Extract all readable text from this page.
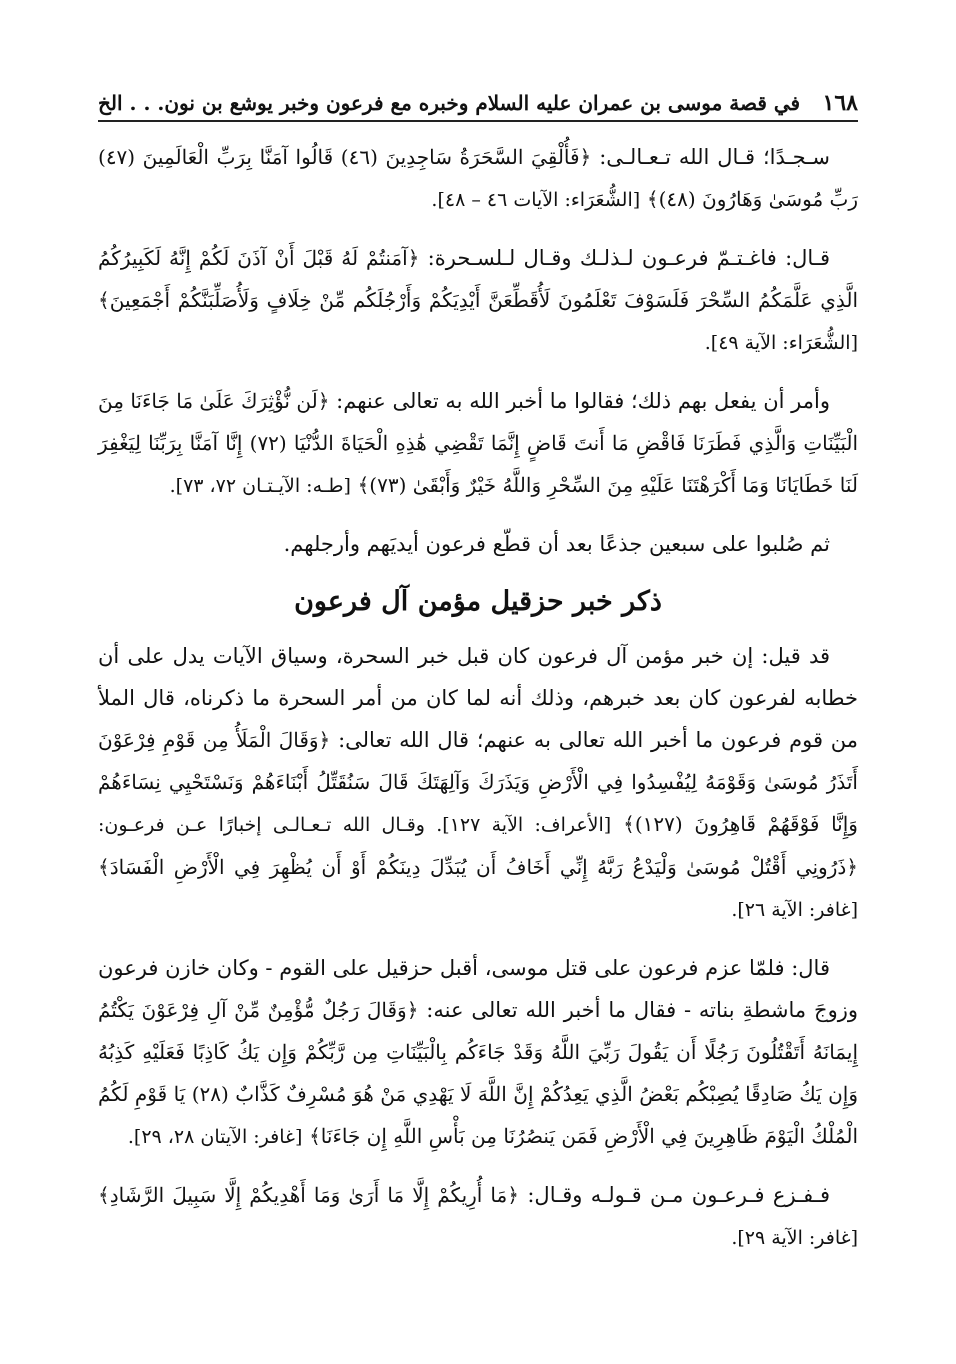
١٦٨
في قصة موسى بن عمران عليه السلام وخبره مع فرعون وخبر يوشع بن نون. . . الخ

سـجـدًا؛ قـال الله تـعـالـى: ﴿فَأُلْقِيَ السَّحَرَةُ سَاجِدِينَ (٤٦) قَالُوا آمَنَّا بِرَبِّ الْعَالَمِينَ (٤٧) رَبِّ مُوسَىٰ وَهَارُونَ (٤٨)﴾ [الشُّعَرَاء: الآيات ٤٦ – ٤٨].

قـال: فاغـتـمّ فرعـون لـذلـك وقـال لـلسـحرة: ﴿آمَنتُمْ لَهُ قَبْلَ أَنْ آذَنَ لَكُمْ إِنَّهُ لَكَبِيرُكُمُ الَّذِي عَلَّمَكُمُ السِّحْرَ فَلَسَوْفَ تَعْلَمُونَ لَأُقَطِّعَنَّ أَيْدِيَكُمْ وَأَرْجُلَكُم مِّنْ خِلَافٍ وَلَأُصَلِّبَنَّكُمْ أَجْمَعِينَ﴾ [الشُّعَرَاء: الآية ٤٩].

وأمر أن يفعل بهم ذلك؛ فقالوا ما أخبر الله به تعالى عنهم: ﴿لَن نُّؤْثِرَكَ عَلَىٰ مَا جَاءَنَا مِنَ الْبَيِّنَاتِ وَالَّذِي فَطَرَنَا فَاقْضِ مَا أَنتَ قَاضٍ إِنَّمَا تَقْضِي هَٰذِهِ الْحَيَاةَ الدُّنْيَا (٧٢) إِنَّا آمَنَّا بِرَبِّنَا لِيَغْفِرَ لَنَا خَطَايَانَا وَمَا أَكْرَهْتَنَا عَلَيْهِ مِنَ السِّحْرِ وَاللَّهُ خَيْرٌ وَأَبْقَىٰ (٧٣)﴾ [طـه: الآيـتـان ٧٢، ٧٣].

ثم صُلبوا على سبعين جذعًا بعد أن قطّع فرعون أيديَهم وأرجلهم.

ذكر خبر حزقيل مؤمن آل فرعون

قد قيل: إن خبر مؤمن آل فرعون كان قبل خبر السحرة، وسياق الآيات يدل على أن خطابه لفرعون كان بعد خبرهم، وذلك أنه لما كان من أمر السحرة ما ذكرناه، قال الملأ من قوم فرعون ما أخبر الله تعالى به عنهم؛ قال الله تعالى: ﴿وَقَالَ الْمَلَأُ مِن قَوْمِ فِرْعَوْنَ أَتَذَرُ مُوسَىٰ وَقَوْمَهُ لِيُفْسِدُوا فِي الْأَرْضِ وَيَذَرَكَ وَآلِهَتَكَ قَالَ سَنُقَتِّلُ أَبْنَاءَهُمْ وَنَسْتَحْيِي نِسَاءَهُمْ وَإِنَّا فَوْقَهُمْ قَاهِرُونَ (١٢٧)﴾ [الأعراف: الآية ١٢٧]. وقـال الله تـعـالـى إخبارًا عـن فرعـون: ﴿ذَرُونِي أَقْتُلْ مُوسَىٰ وَلْيَدْعُ رَبَّهُ إِنِّي أَخَافُ أَن يُبَدِّلَ دِينَكُمْ أَوْ أَن يُظْهِرَ فِي الْأَرْضِ الْفَسَادَ﴾ [غافر: الآية ٢٦].

قال: فلمّا عزم فرعون على قتل موسى، أقبل حزقيل على القوم - وكان خازن فرعون وزوجَ ماشطةِ بناته - فقال ما أخبر الله تعالى عنه: ﴿وَقَالَ رَجُلٌ مُّؤْمِنٌ مِّنْ آلِ فِرْعَوْنَ يَكْتُمُ إِيمَانَهُ أَتَقْتُلُونَ رَجُلًا أَن يَقُولَ رَبِّيَ اللَّهُ وَقَدْ جَاءَكُم بِالْبَيِّنَاتِ مِن رَّبِّكُمْ وَإِن يَكُ كَاذِبًا فَعَلَيْهِ كَذِبُهُ وَإِن يَكُ صَادِقًا يُصِبْكُم بَعْضُ الَّذِي يَعِدُكُمْ إِنَّ اللَّهَ لَا يَهْدِي مَنْ هُوَ مُسْرِفٌ كَذَّابٌ (٢٨) يَا قَوْمِ لَكُمُ الْمُلْكُ الْيَوْمَ ظَاهِرِينَ فِي الْأَرْضِ فَمَن يَنصُرُنَا مِن بَأْسِ اللَّهِ إِن جَاءَنَا﴾ [غافر: الآيتان ٢٨، ٢٩].

فـفـزع فـرعـون مـن قـولـه وقـال: ﴿مَا أُرِيكُمْ إِلَّا مَا أَرَىٰ وَمَا أَهْدِيكُمْ إِلَّا سَبِيلَ الرَّشَادِ﴾ [غافر: الآية ٢٩].
